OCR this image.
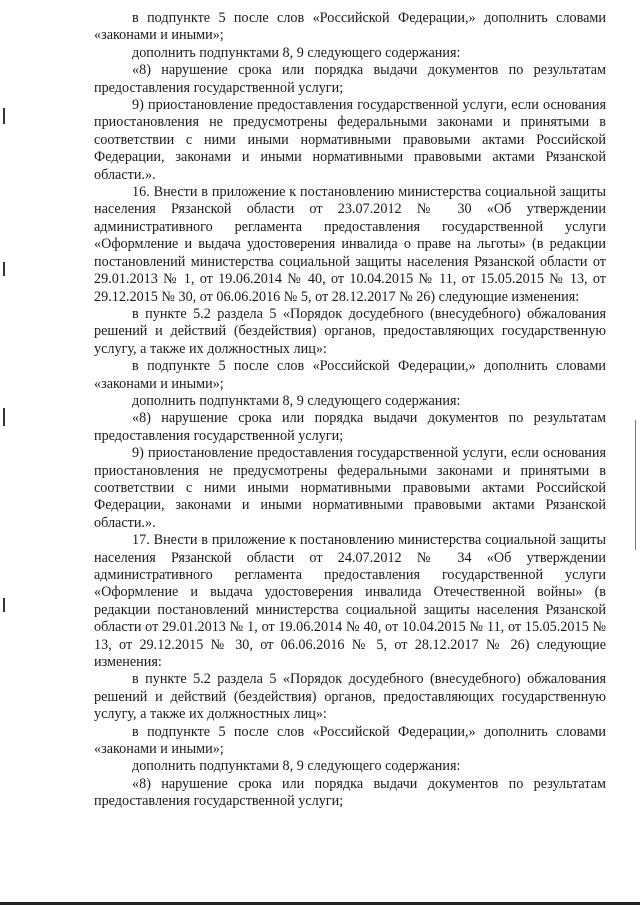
в подпункте 5 после слов «Российской Федерации,» дополнить словами «законами и иными»;

дополнить подпунктами 8, 9 следующего содержания:

«8) нарушение срока или порядка выдачи документов по результатам предоставления государственной услуги;

9) приостановление предоставления государственной услуги, если основания приостановления не предусмотрены федеральными законами и принятыми в соответствии с ними иными нормативными правовыми актами Российской Федерации, законами и иными нормативными правовыми актами Рязанской области.».

16. Внести в приложение к постановлению министерства социальной защиты населения Рязанской области от 23.07.2012 № 30 «Об утверждении административного регламента предоставления государственной услуги «Оформление и выдача удостоверения инвалида о праве на льготы» (в редакции постановлений министерства социальной защиты населения Рязанской области от 29.01.2013 № 1, от 19.06.2014 № 40, от 10.04.2015 № 11, от 15.05.2015 № 13, от 29.12.2015 № 30, от 06.06.2016 № 5, от 28.12.2017 № 26) следующие изменения:

в пункте 5.2 раздела 5 «Порядок досудебного (внесудебного) обжалования решений и действий (бездействия) органов, предоставляющих государственную услугу, а также их должностных лиц»:

в подпункте 5 после слов «Российской Федерации,» дополнить словами «законами и иными»;

дополнить подпунктами 8, 9 следующего содержания:

«8) нарушение срока или порядка выдачи документов по результатам предоставления государственной услуги;

9) приостановление предоставления государственной услуги, если основания приостановления не предусмотрены федеральными законами и принятыми в соответствии с ними иными нормативными правовыми актами Российской Федерации, законами и иными нормативными правовыми актами Рязанской области.».

17. Внести в приложение к постановлению министерства социальной защиты населения Рязанской области от 24.07.2012 № 34 «Об утверждении административного регламента предоставления государственной услуги «Оформление и выдача удостоверения инвалида Отечественной войны» (в редакции постановлений министерства социальной защиты населения Рязанской области от 29.01.2013 № 1, от 19.06.2014 № 40, от 10.04.2015 № 11, от 15.05.2015 № 13, от 29.12.2015 № 30, от 06.06.2016 № 5, от 28.12.2017 № 26) следующие изменения:

в пункте 5.2 раздела 5 «Порядок досудебного (внесудебного) обжалования решений и действий (бездействия) органов, предоставляющих государственную услугу, а также их должностных лиц»:

в подпункте 5 после слов «Российской Федерации,» дополнить словами «законами и иными»;

дополнить подпунктами 8, 9 следующего содержания:

«8) нарушение срока или порядка выдачи документов по результатам предоставления государственной услуги;
